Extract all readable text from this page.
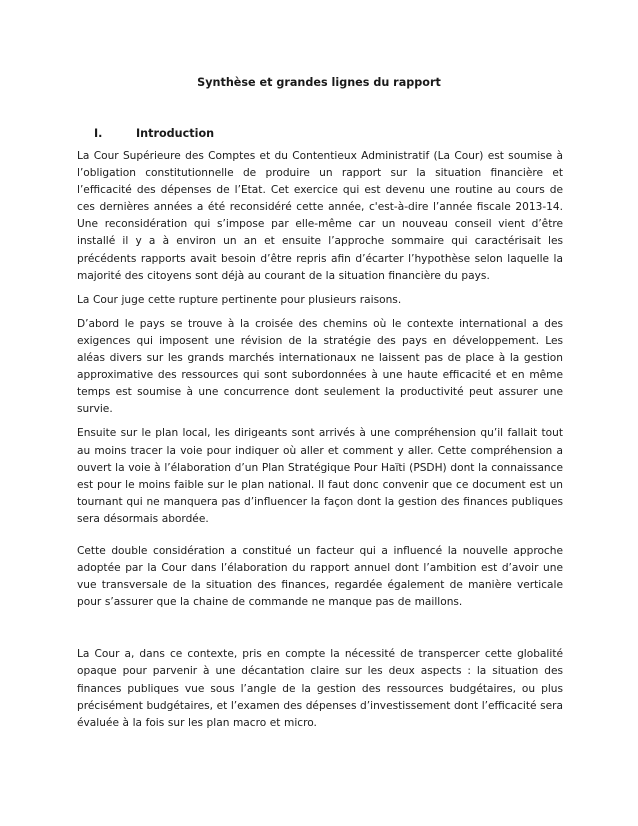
Synthèse et grandes lignes du rapport
I.	Introduction

La Cour Supérieure des Comptes et du Contentieux Administratif (La Cour) est soumise à l’obligation constitutionnelle de produire un rapport sur la situation financière et l’efficacité des dépenses de l’Etat. Cet exercice qui est devenu une routine au cours de ces dernières années a été reconsidéré cette année, c'est-à-dire l’année fiscale 2013-14. Une reconsidération qui s’impose par elle-même car un nouveau conseil vient d’être installé il y a à environ un an et ensuite l’approche sommaire qui caractérisait les précédents rapports avait besoin d’être repris afin d’écarter l’hypothèse selon laquelle la majorité des citoyens sont déjà au courant de la situation financière du pays.

La Cour juge cette rupture pertinente pour plusieurs raisons.

D’abord le pays se trouve à la croisée des chemins où le contexte international a des exigences qui imposent une révision de la stratégie des pays en développement. Les aléas divers sur les grands marchés internationaux ne laissent pas de place à la gestion approximative des ressources qui sont subordonnées à une haute efficacité et en même temps est soumise à une concurrence dont seulement la productivité peut assurer une survie.

Ensuite sur le plan local, les dirigeants sont arrivés à une compréhension qu’il fallait tout au moins tracer la voie pour indiquer où aller et comment y aller. Cette compréhension a ouvert la voie à l’élaboration d’un Plan Stratégique Pour Haïti (PSDH) dont la connaissance est pour le moins faible sur le plan national. Il faut donc convenir que ce document est un tournant qui ne manquera pas d’influencer la façon dont la gestion des finances publiques sera désormais abordée.

Cette double considération a constitué un facteur qui a influencé la nouvelle approche adoptée par la Cour dans l’élaboration du rapport annuel dont l’ambition est d’avoir une vue transversale de la situation des finances, regardée également de manière verticale pour s’assurer que la chaine de commande ne manque pas de maillons.

La Cour a, dans ce contexte, pris en compte la nécessité de transpercer cette globalité opaque pour parvenir à une décantation claire sur les deux aspects : la situation des finances publiques vue sous l’angle de la gestion des ressources budgétaires, ou plus précisément budgétaires, et l’examen des dépenses d’investissement dont l’efficacité sera évaluée à la fois sur les plan macro et micro.
